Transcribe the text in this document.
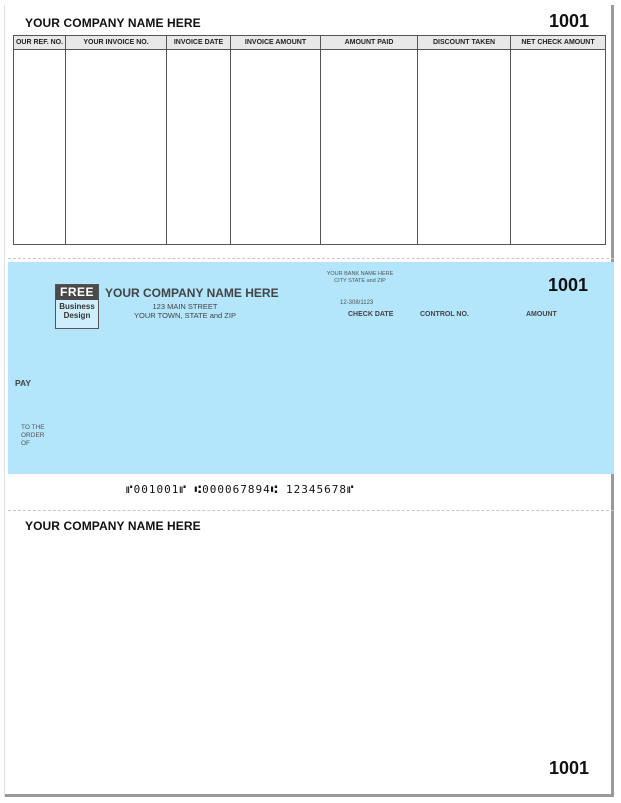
YOUR COMPANY NAME HERE	1001
OUR REF. NO.	YOUR INVOICE NO.	INVOICE DATE	INVOICE AMOUNT	AMOUNT PAID	DISCOUNT TAKEN	NET CHECK AMOUNT

FREE
Business
Design
YOUR COMPANY NAME HERE
123 MAIN STREET
YOUR TOWN, STATE and ZIP
YOUR BANK NAME HERE
CITY STATE and ZIP
12-308/1123
1001
CHECK DATE	CONTROL NO.	AMOUNT
PAY
TO THE
ORDER
OF
⑈001001⑈ ⑆000067894⑆ 12345678⑈
YOUR COMPANY NAME HERE
1001
